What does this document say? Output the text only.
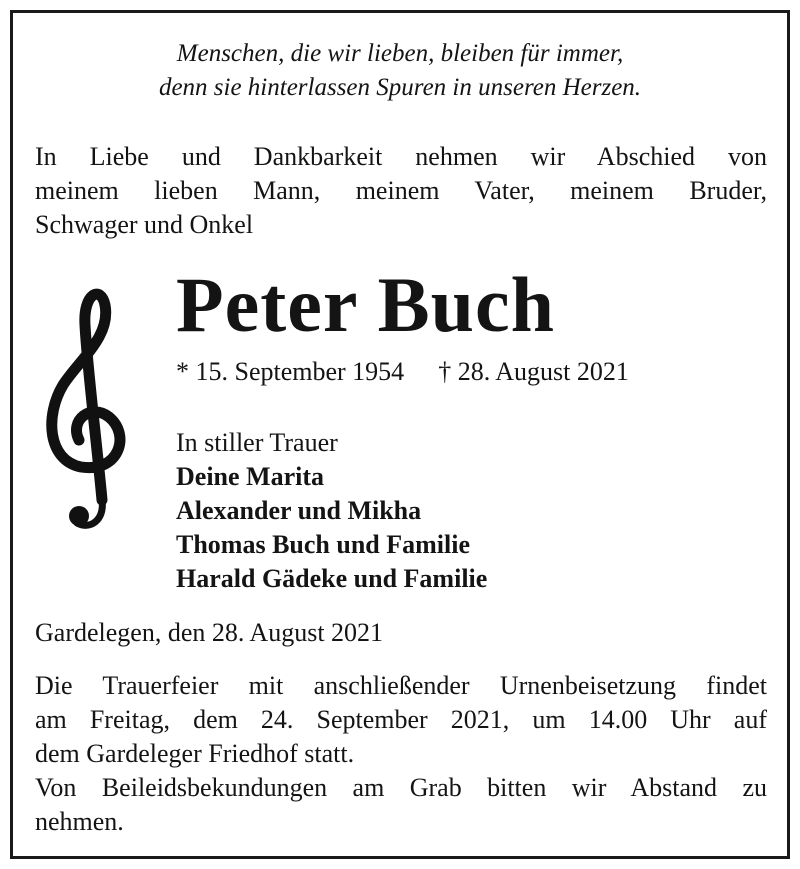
Menschen, die wir lieben, bleiben für immer,
denn sie hinterlassen Spuren in unseren Herzen.
In Liebe und Dankbarkeit nehmen wir Abschied von
meinem lieben Mann, meinem Vater, meinem Bruder,
Schwager und Onkel
Peter Buch
* 15. September 1954 † 28. August 2021
In stiller Trauer
Deine Marita
Alexander und Mikha
Thomas Buch und Familie
Harald Gädeke und Familie
Gardelegen, den 28. August 2021
Die Trauerfeier mit anschließender Urnenbeisetzung findet
am Freitag, dem 24. September 2021, um 14.00 Uhr auf
dem Gardeleger Friedhof statt.
Von Beileidsbekundungen am Grab bitten wir Abstand zu
nehmen.
